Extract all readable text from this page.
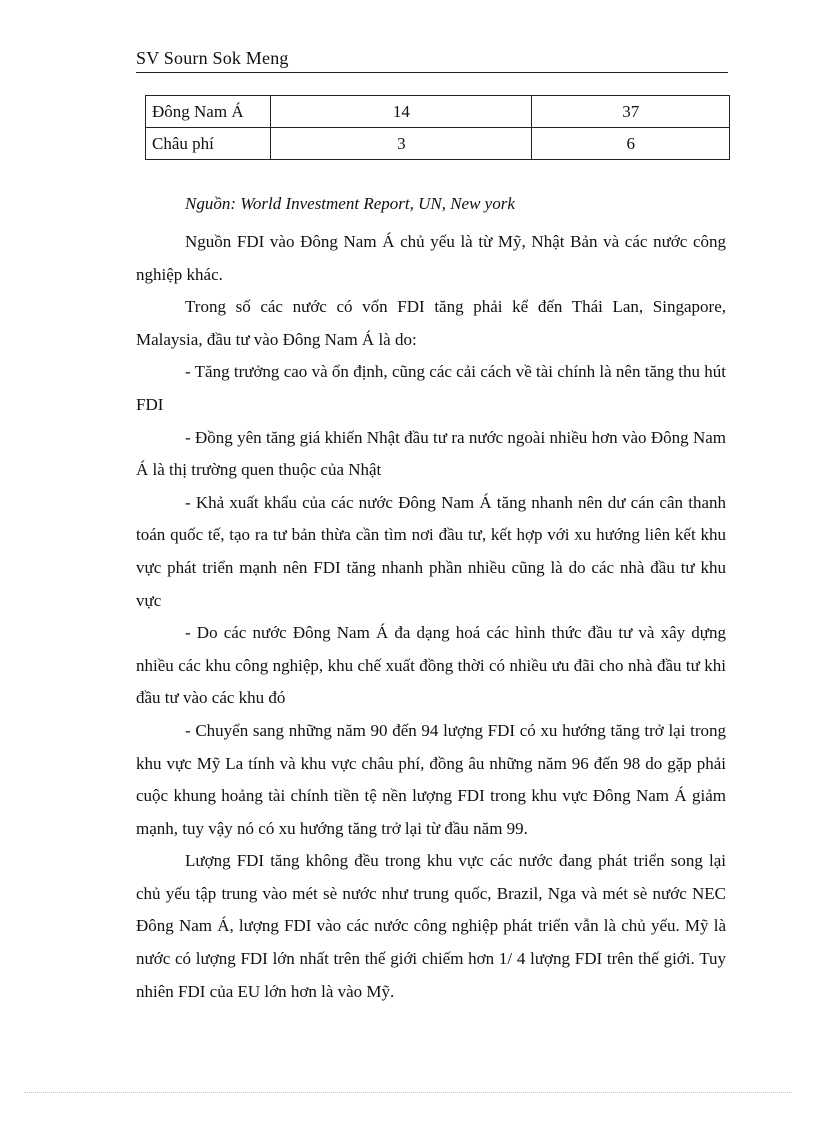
SV Sourn Sok Meng
Đông Nam Á	14	37
Châu phí	3	6
Nguồn: World Investment Report, UN, New york

Nguồn FDI vào Đông Nam Á chủ yếu là từ Mỹ, Nhật Bản và các nước công nghiệp khác.

Trong số các nước có vốn FDI tăng phải kể đến Thái Lan, Singapore, Malaysia, đầu tư vào Đông Nam Á là do:

- Tăng trưởng cao và ổn định, cũng các cải cách về tài chính là nên tăng thu hút FDI

- Đồng yên tăng giá khiến Nhật đầu tư ra nước ngoài nhiều hơn vào Đông Nam Á là thị trường quen thuộc của Nhật

- Khả xuất khẩu của các nước Đông Nam Á tăng nhanh nên dư cán cân thanh toán quốc tế, tạo ra tư bản thừa cần tìm nơi đầu tư, kết hợp với xu hướng liên kết khu vực phát triển mạnh nên FDI tăng nhanh phần nhiều cũng là do các nhà đầu tư khu vực

- Do các nước Đông Nam Á đa dạng hoá các hình thức đầu tư và xây dựng nhiều các khu công nghiệp, khu chế xuất đồng thời có nhiều ưu đãi cho nhà đầu tư khi đầu tư vào các khu đó

- Chuyển sang những năm 90 đến 94 lượng FDI có xu hướng tăng trở lại trong khu vực Mỹ La tính và khu vực châu phí, đồng âu những năm 96 đến 98 do gặp phải cuộc khung hoảng tài chính tiền tệ nền lượng FDI trong khu vực Đông Nam Á giảm mạnh, tuy vậy nó có xu hướng tăng trở lại từ đầu năm 99.

Lượng FDI tăng không đều trong khu vực các nước đang phát triển song lại chủ yếu tập trung vào mét sè nước như trung quốc, Brazil, Nga và mét sè nước NEC Đông Nam Á, lượng FDI vào các nước công nghiệp phát triển vẫn là chủ yếu. Mỹ là nước có lượng FDI lớn nhất trên thế giới chiếm hơn 1/ 4 lượng FDI trên thế giới. Tuy nhiên FDI của EU lớn hơn là vào Mỹ.
